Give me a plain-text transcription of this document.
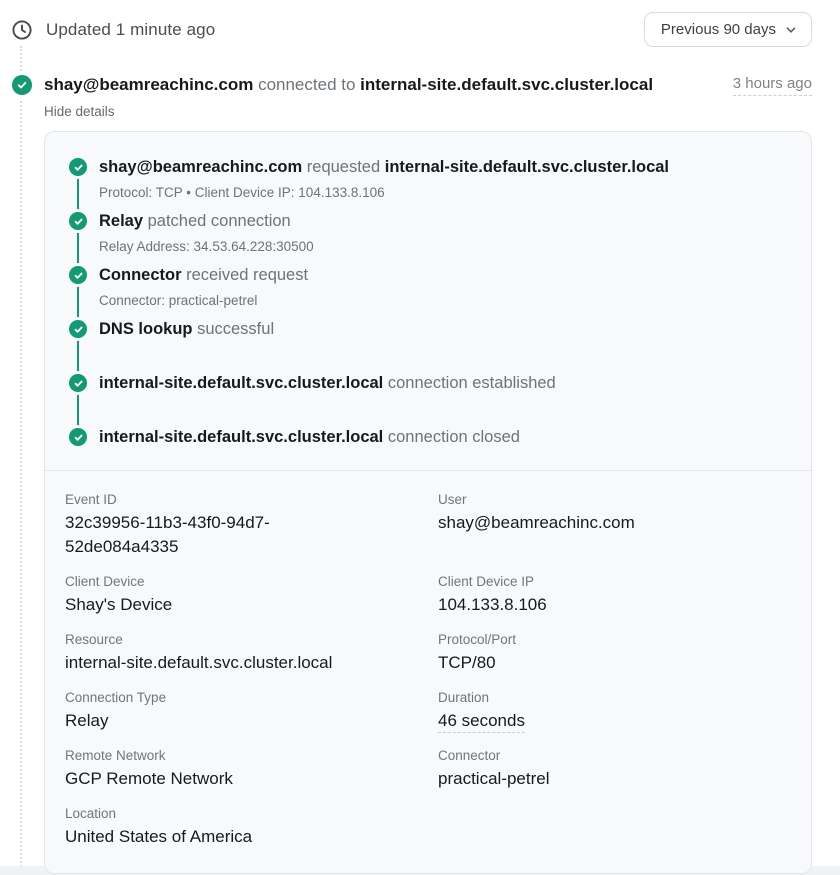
Updated 1 minute ago	Previous 90 days
shay@beamreachinc.com connected to internal-site.default.svc.cluster.local	3 hours ago
Hide details
shay@beamreachinc.com requested internal-site.default.svc.cluster.local
Protocol: TCP • Client Device IP: 104.133.8.106
Relay patched connection
Relay Address: 34.53.64.228:30500
Connector received request
Connector: practical-petrel
DNS lookup successful
internal-site.default.svc.cluster.local connection established
internal-site.default.svc.cluster.local connection closed
Event ID
32c39956-11b3-43f0-94d7-52de084a4335
User
shay@beamreachinc.com
Client Device
Shay's Device
Client Device IP
104.133.8.106
Resource
internal-site.default.svc.cluster.local
Protocol/Port
TCP/80
Connection Type
Relay
Duration
46 seconds
Remote Network
GCP Remote Network
Connector
practical-petrel
Location
United States of America
